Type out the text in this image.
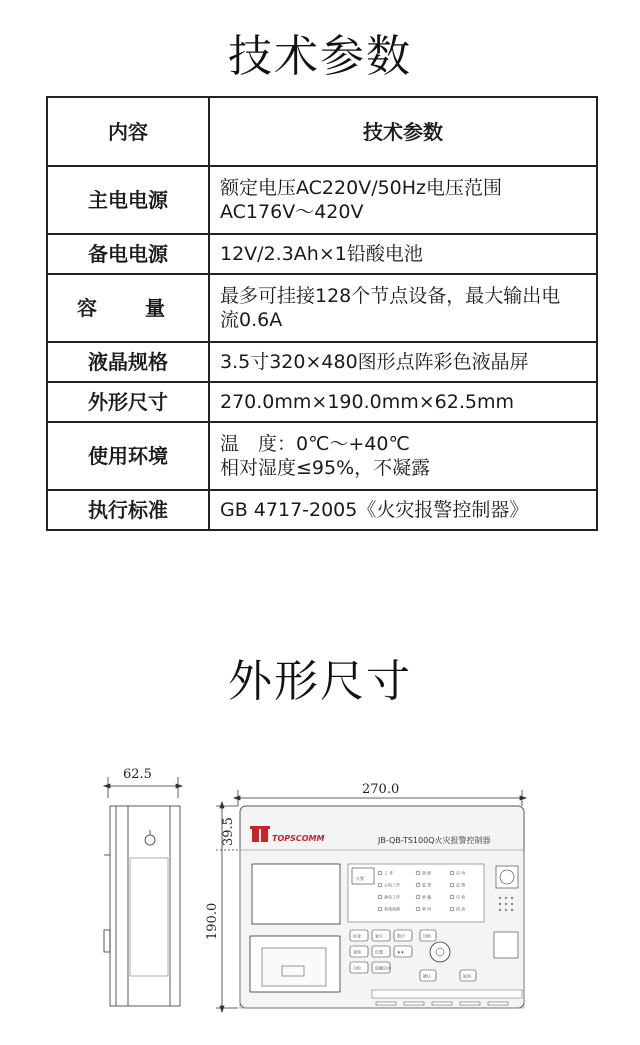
技术参数
内容	技术参数
主电电源	额定电压AC220V/50Hz电压范围
AC176V～420V

备电电源	12V/2.3Ah×1铅酸电池

容　量	最多可挂接128个节点设备，最大输出电
流0.6A

液晶规格	3.5寸320×480图形点阵彩色液晶屏

外形尺寸	270.0mm×190.0mm×62.5mm

使用环境	温　度：0℃～+40℃
相对湿度≤95%，不凝露

执行标准	GB 4717-2005《火灾报警控制器》
外形尺寸
62.5
270.0
190.0
39.5	TOPSCOMM	JB-QB-TS100Q火灾报警控制器
火警
工 作
主电工作
备电工作
系统故障
故 障
监 管
屏 蔽
延 时
启 动
反 馈
自 检
消 音
检查	复位	数字
查询	设置	★★
自检	隐藏启动
切换
确认	取消
